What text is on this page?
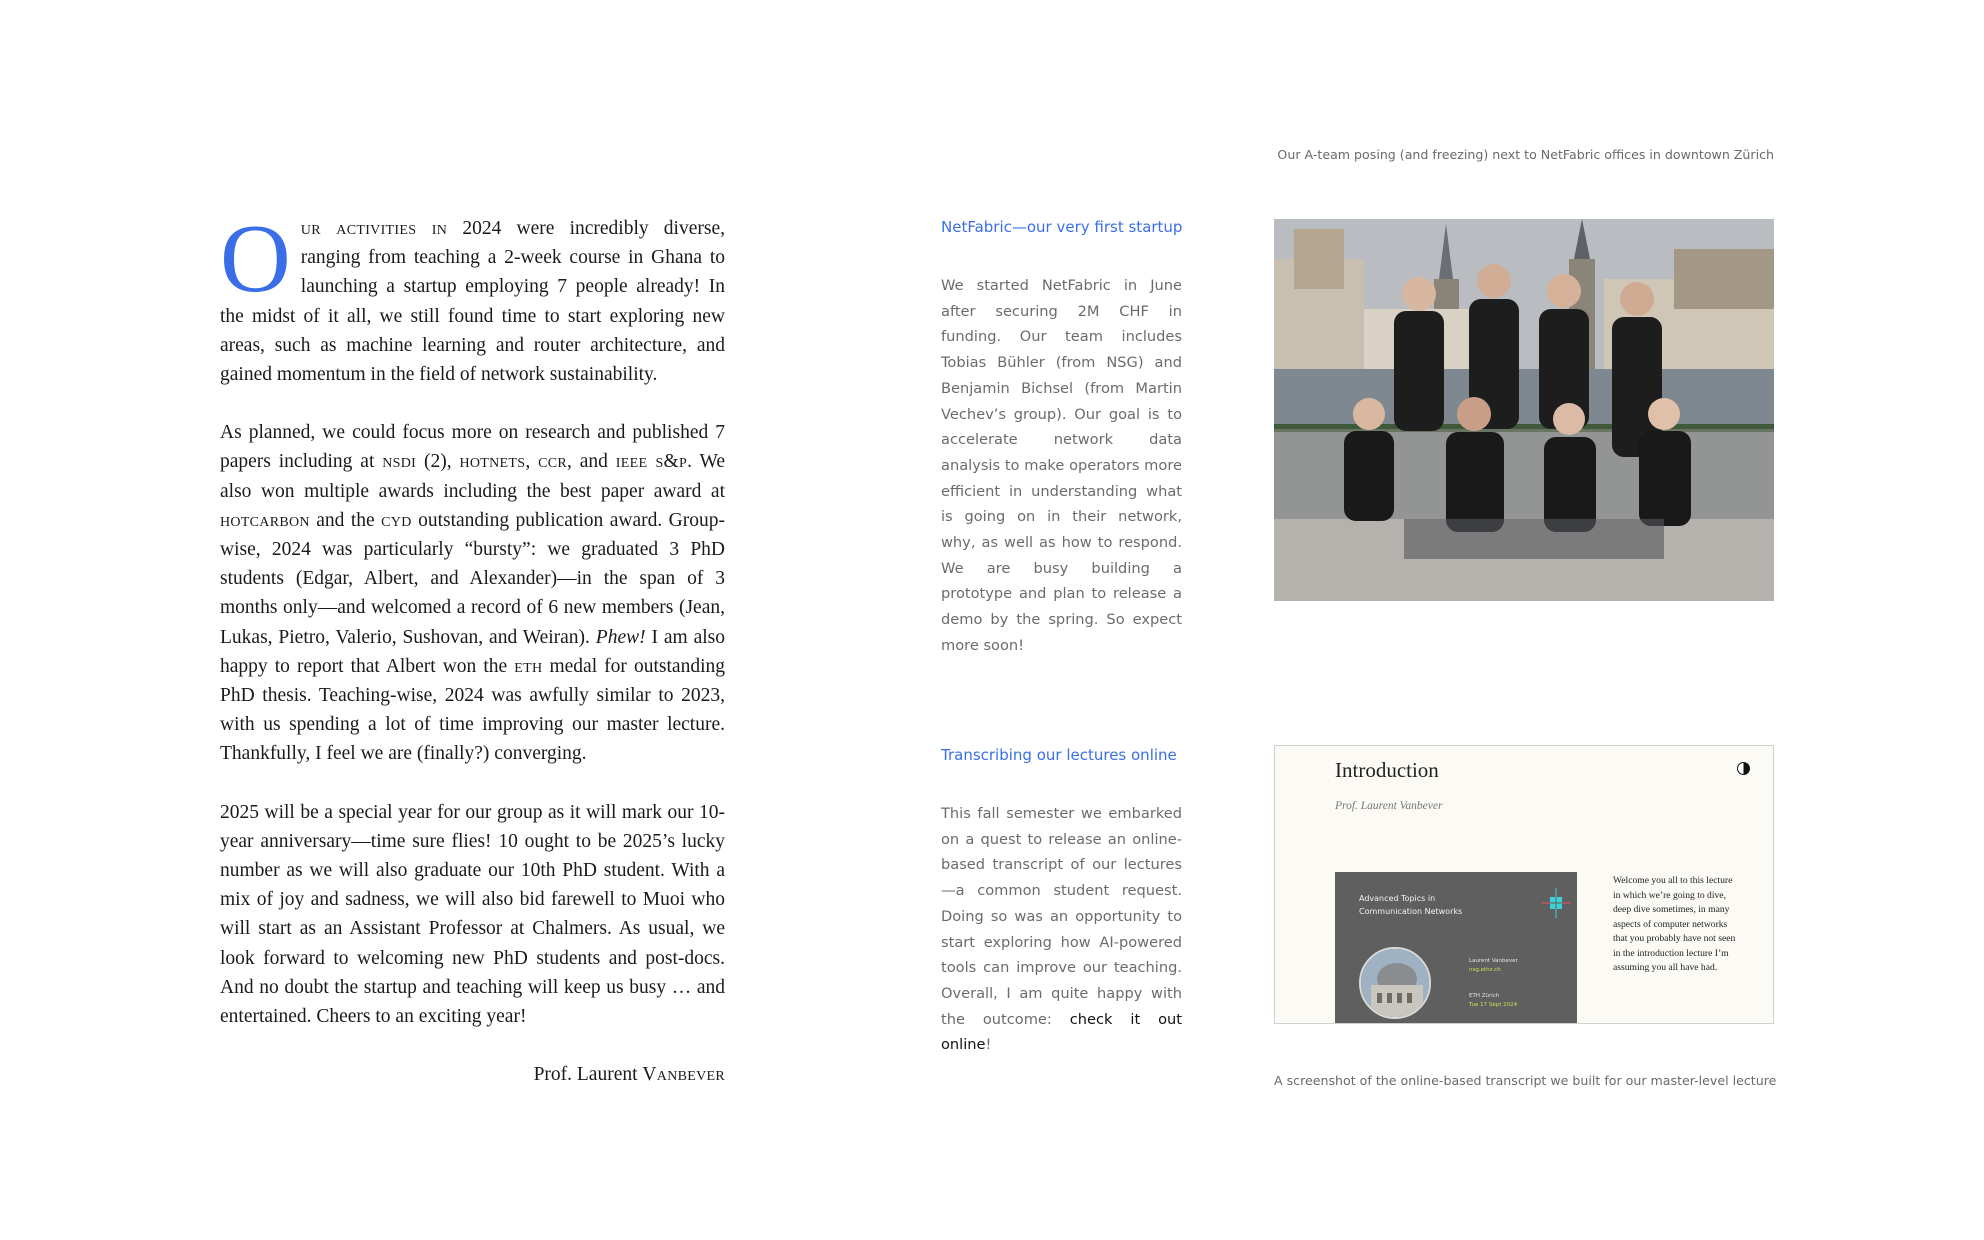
Our activities in 2024 were incredibly diverse, ranging from teaching a 2-week course in Ghana to launching a startup employing 7 people already! In the midst of it all, we still found time to start exploring new areas, such as machine learning and router architecture, and gained momentum in the field of network sustainability.

As planned, we could focus more on research and published 7 papers including at nsdi (2), hotnets, ccr, and ieee s&p. We also won multiple awards including the best paper award at hotcarbon and the cyd outstanding publication award. Group-wise, 2024 was particularly “bursty”: we graduated 3 PhD students (Edgar, Albert, and Alexander)—in the span of 3 months only—and welcomed a record of 6 new members (Jean, Lukas, Pietro, Valerio, Sushovan, and Weiran). Phew! I am also happy to report that Albert won the eth medal for outstanding PhD thesis. Teaching-wise, 2024 was awfully similar to 2023, with us spending a lot of time improving our master lecture. Thankfully, I feel we are (finally?) converging.

2025 will be a special year for our group as it will mark our 10-year anniversary—time sure flies! 10 ought to be 2025’s lucky number as we will also graduate our 10th PhD student. With a mix of joy and sadness, we will also bid farewell to Muoi who will start as an Assistant Professor at Chalmers. As usual, we look forward to welcoming new PhD students and post-docs. And no doubt the startup and teaching will keep us busy … and entertained. Cheers to an exciting year!

Prof. Laurent Vanbever
Our A-team posing (and freezing) next to NetFabric offices in downtown Zürich
NetFabric—our very first startup
We started NetFabric in June after securing 2M CHF in funding. Our team includes Tobias Bühler (from NSG) and Benjamin Bichsel (from Martin Vechev’s group). Our goal is to accelerate network data analysis to make operators more efficient in understanding what is going on in their network, why, as well as how to respond. We are busy building a prototype and plan to release a demo by the spring. So expect more soon!
Transcribing our lectures online
This fall semester we embarked on a quest to release an online-based transcript of our lectures—a common student request. Doing so was an opportunity to start exploring how AI-powered tools can improve our teaching. Overall, I am quite happy with the outcome: check it out online!
Introduction
Prof. Laurent Vanbever
Advanced Topics in Communication Networks
Laurent Vanbever
nsg.ethz.ch
ETH Zürich
Tue 17 Sept 2024
Welcome you all to this lecture in which we’re going to dive, deep dive sometimes, in many aspects of computer networks that you probably have not seen in the introduction lecture I’m assuming you all have had.
A screenshot of the online-based transcript we built for our master-level lecture
